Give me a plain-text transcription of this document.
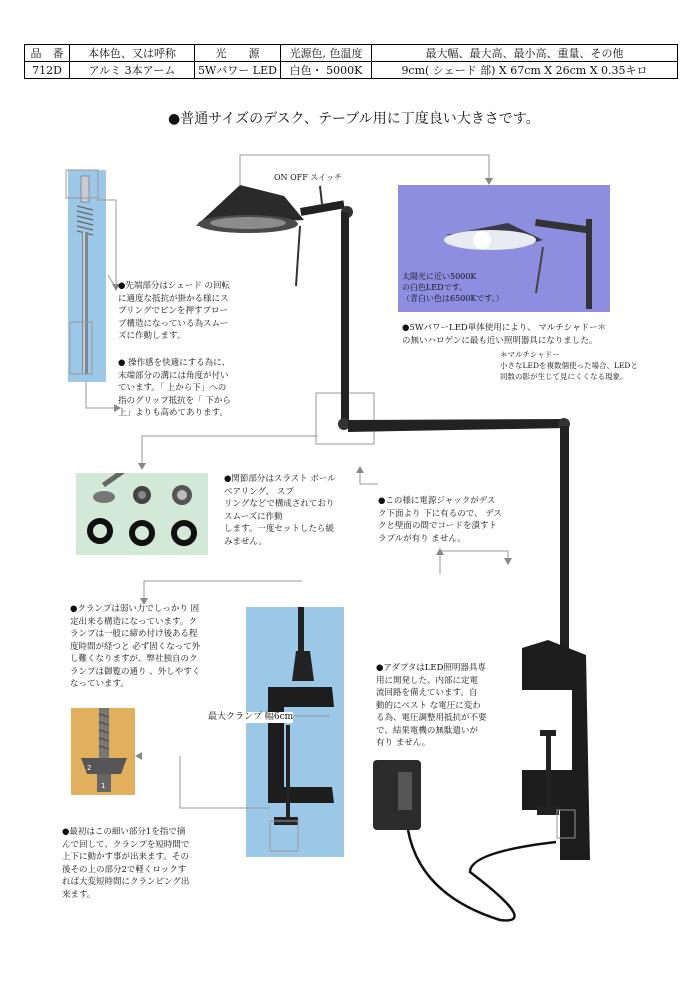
品　番	本体色、又は呼称	光　　源	光源色, 色温度	最大幅、最大高、最小高、重量、その他
712D	アルミ 3本アーム	5Wパワー LED	白色・ 5000K	9cm( シェード 部) X 67cm X 26cm X 0.35キロ
●普通サイズのデスク、テーブル用に丁度良い大きさです。
太陽光に近い5000K
の白色LEDです。
（青白い色は6500Kです。）
2
1
ON OFF スイッチ
最大クランプ 幅6cm
●先端部分はシェード の回転
に適度な抵抗が掛かる様にス
プリングでピンを押すプロー
ブ構造になっている為スムー
ズに作動します。
● 操作感を快適にする為に、
末端部分の溝には角度が付い
ています。「 上から下」への
指のグリップ抵抗を「 下から
上」よりも高めてあります。
●5WパワーLED単体使用により、 マルチシャドー＊
の無いハロゲンに最も近い照明器具になりました。
＊マルチシャドー
小さなLEDを複数個使った場合、LEDと
同数の影が生じて見にくくなる現象。
●関節部分はスラスト ボール
ベアリング、 スプ
リングなどで構成されており
スムーズに作動
します。一度セットしたら緩
みません。
●この様に電源ジャックがデス
ク下面より 下に有るので、 デス
クと壁面の間でコードを潰すト
ラブルが有り ません。
●クランプは弱い力でしっかり 固
定出来る構造になっています。ク
ランプは一般に締め付け後ある程
度時間が経つと 必ず固くなって外
し難くなりますが、弊社独自のク
ランプは御覧の通り 、外しやすく
なっています。
●アダプタはLED照明器具専
用に開発した、内部に定電
流回路を備えています。自
動的にベスト な電圧に変わ
る為、電圧調整用抵抗が不要
で、結果電機の無駄遣いが
有り ません。
●最初はこの細い部分1を指で摘
んで回して、クランプを短時間で
上下に動かす事が出来ます。その
後その上の部分2で軽くロックす
れば大変短時間にクランピング出
来ます。
